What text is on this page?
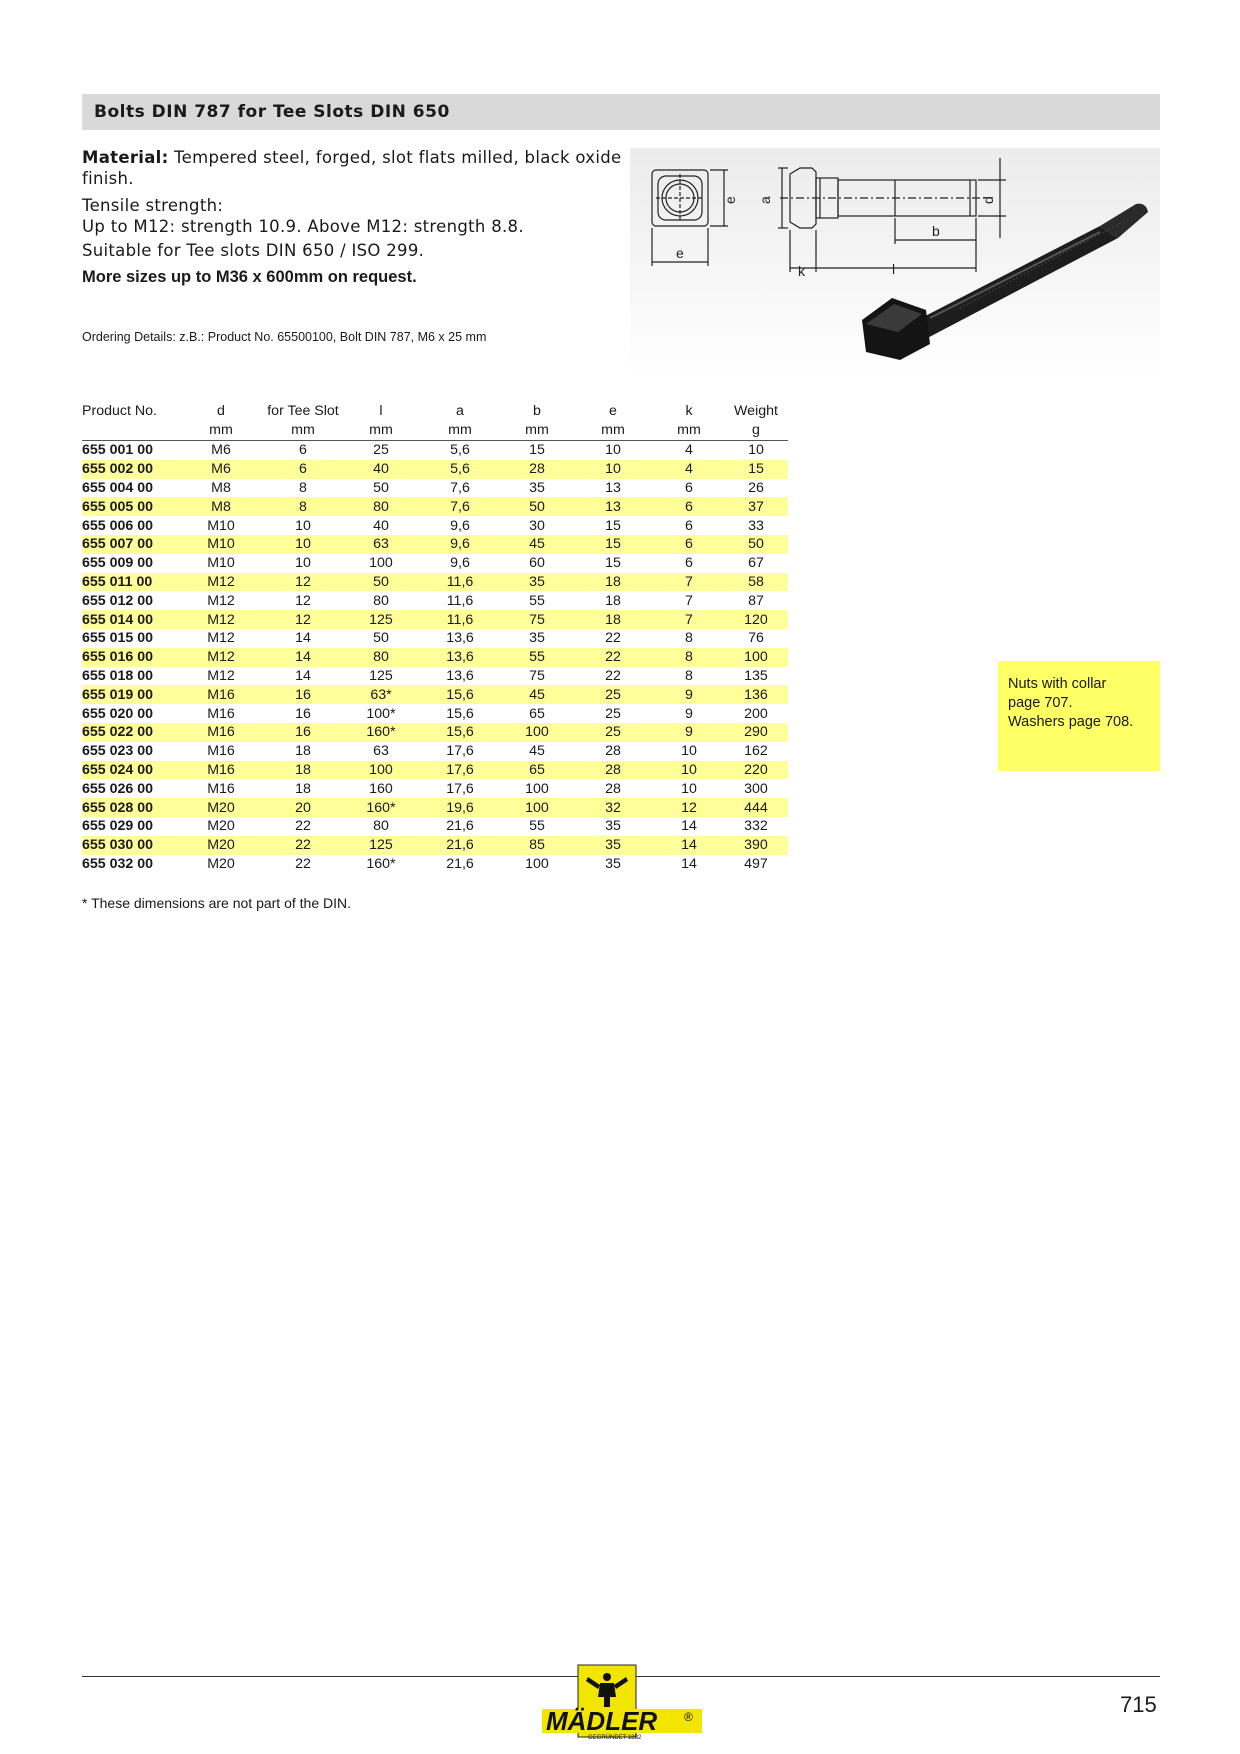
Bolts DIN 787 for Tee Slots DIN 650

Material: Tempered steel, forged, slot flats milled, black oxide finish.

Tensile strength:
Up to M12: strength 10.9. Above M12: strength 8.8.

Suitable for Tee slots DIN 650 / ISO 299.

More sizes up to M36 x 600mm on request.

Ordering Details: z.B.: Product No. 65500100, Bolt DIN 787, M6 x 25 mm
e
e
a	d
b
k	l
Product No.	d	for Tee Slot	l	a	b	e	k	Weight
	mm	mm	mm	mm	mm	mm	mm	g
655 001 00	M6	6	25	5,6	15	10	4	10
655 002 00	M6	6	40	5,6	28	10	4	15
655 004 00	M8	8	50	7,6	35	13	6	26
655 005 00	M8	8	80	7,6	50	13	6	37
655 006 00	M10	10	40	9,6	30	15	6	33
655 007 00	M10	10	63	9,6	45	15	6	50
655 009 00	M10	10	100	9,6	60	15	6	67
655 011 00	M12	12	50	11,6	35	18	7	58
655 012 00	M12	12	80	11,6	55	18	7	87
655 014 00	M12	12	125	11,6	75	18	7	120
655 015 00	M12	14	50	13,6	35	22	8	76
655 016 00	M12	14	80	13,6	55	22	8	100
655 018 00	M12	14	125	13,6	75	22	8	135
655 019 00	M16	16	63*	15,6	45	25	9	136
655 020 00	M16	16	100*	15,6	65	25	9	200
655 022 00	M16	16	160*	15,6	100	25	9	290
655 023 00	M16	18	63	17,6	45	28	10	162
655 024 00	M16	18	100	17,6	65	28	10	220
655 026 00	M16	18	160	17,6	100	28	10	300
655 028 00	M20	20	160*	19,6	100	32	12	444
655 029 00	M20	22	80	21,6	55	35	14	332
655 030 00	M20	22	125	21,6	85	35	14	390
655 032 00	M20	22	160*	21,6	100	35	14	497
* These dimensions are not part of the DIN.
Nuts with collar
page 707.
Washers page 708.
MÄDLER ®
GEGRÜNDET 1882
715
